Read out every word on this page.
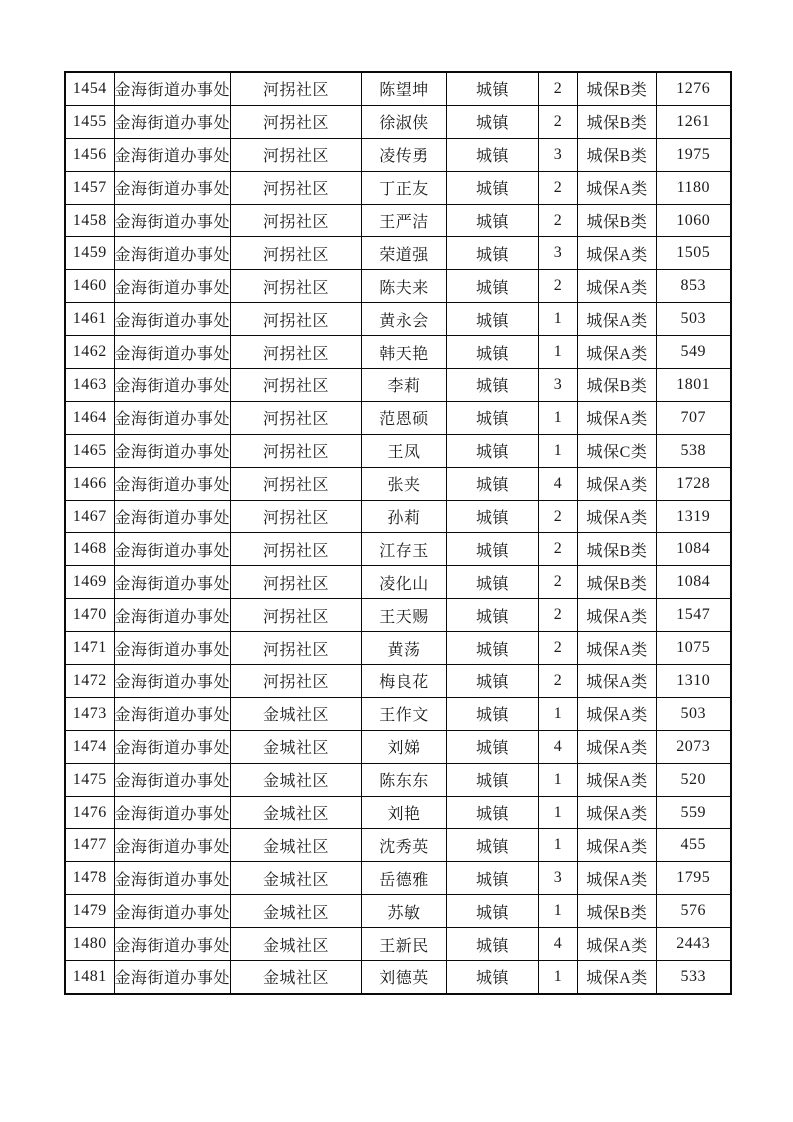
1454	金海街道办事处	河拐社区	陈望坤	城镇	2	城保B类	1276
1455	金海街道办事处	河拐社区	徐淑侠	城镇	2	城保B类	1261
1456	金海街道办事处	河拐社区	凌传勇	城镇	3	城保B类	1975
1457	金海街道办事处	河拐社区	丁正友	城镇	2	城保A类	1180
1458	金海街道办事处	河拐社区	王严洁	城镇	2	城保B类	1060
1459	金海街道办事处	河拐社区	荣道强	城镇	3	城保A类	1505
1460	金海街道办事处	河拐社区	陈夫来	城镇	2	城保A类	853
1461	金海街道办事处	河拐社区	黄永会	城镇	1	城保A类	503
1462	金海街道办事处	河拐社区	韩天艳	城镇	1	城保A类	549
1463	金海街道办事处	河拐社区	李莉	城镇	3	城保B类	1801
1464	金海街道办事处	河拐社区	范恩硕	城镇	1	城保A类	707
1465	金海街道办事处	河拐社区	王凤	城镇	1	城保C类	538
1466	金海街道办事处	河拐社区	张夹	城镇	4	城保A类	1728
1467	金海街道办事处	河拐社区	孙莉	城镇	2	城保A类	1319
1468	金海街道办事处	河拐社区	江存玉	城镇	2	城保B类	1084
1469	金海街道办事处	河拐社区	凌化山	城镇	2	城保B类	1084
1470	金海街道办事处	河拐社区	王天赐	城镇	2	城保A类	1547
1471	金海街道办事处	河拐社区	黄荡	城镇	2	城保A类	1075
1472	金海街道办事处	河拐社区	梅良花	城镇	2	城保A类	1310
1473	金海街道办事处	金城社区	王作文	城镇	1	城保A类	503
1474	金海街道办事处	金城社区	刘娣	城镇	4	城保A类	2073
1475	金海街道办事处	金城社区	陈东东	城镇	1	城保A类	520
1476	金海街道办事处	金城社区	刘艳	城镇	1	城保A类	559
1477	金海街道办事处	金城社区	沈秀英	城镇	1	城保A类	455
1478	金海街道办事处	金城社区	岳德雅	城镇	3	城保A类	1795
1479	金海街道办事处	金城社区	苏敏	城镇	1	城保B类	576
1480	金海街道办事处	金城社区	王新民	城镇	4	城保A类	2443
1481	金海街道办事处	金城社区	刘德英	城镇	1	城保A类	533
